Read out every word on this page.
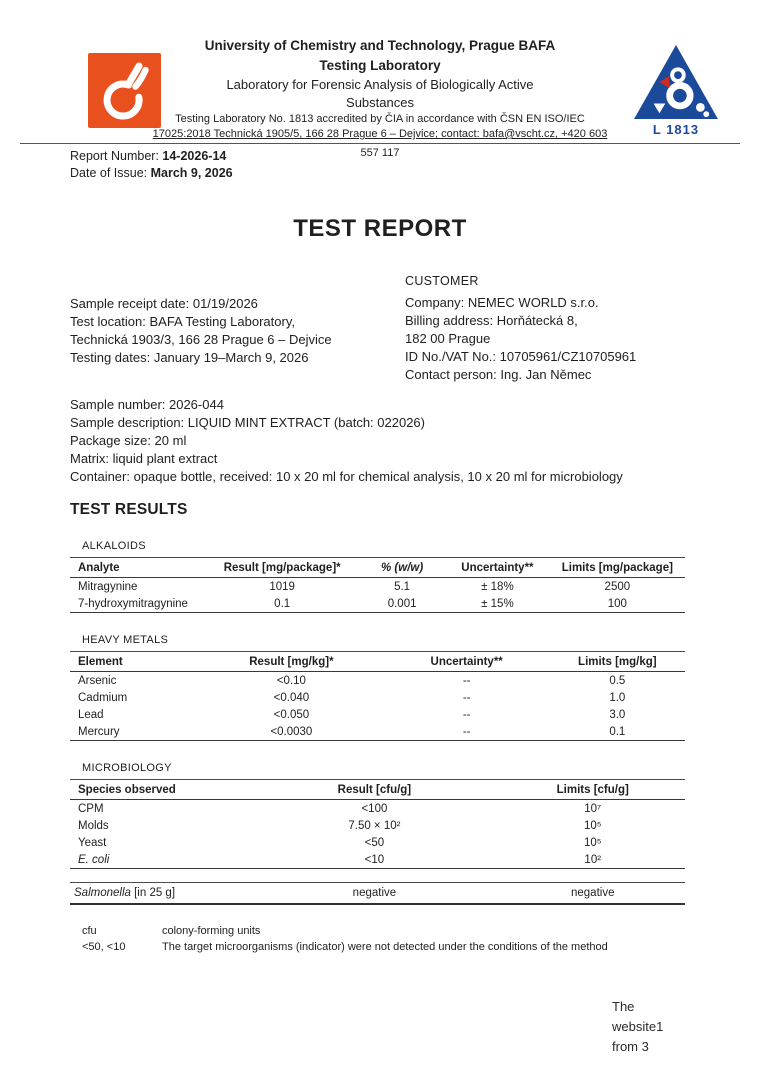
University of Chemistry and Technology, Prague BAFA
Testing Laboratory
Laboratory for Forensic Analysis of Biologically Active
Substances
Testing Laboratory No. 1813 accredited by ČIA in accordance with ČSN EN ISO/IEC
17025:2018 Technická 1905/5, 166 28 Prague 6 – Dejvice; contact: bafa@vscht.cz, +420 603	L 1813
557 117
Report Number: 14-2026-14
Date of Issue: March 9, 2026
TEST REPORT
Sample receipt date: 01/19/2026
Test location: BAFA Testing Laboratory,
Technická 1903/3, 166 28 Prague 6 – Dejvice
Testing dates: January 19–March 9, 2026
CUSTOMER
Company: NEMEC WORLD s.r.o.
Billing address: Horňátecká 8,
182 00 Prague
ID No./VAT No.: 10705961/CZ10705961
Contact person: Ing. Jan Němec
Sample number: 2026-044
Sample description: LIQUID MINT EXTRACT (batch: 022026)
Package size: 20 ml
Matrix: liquid plant extract
Container: opaque bottle, received: 10 x 20 ml for chemical analysis, 10 x 20 ml for microbiology
TEST RESULTS
ALKALOIDS
Analyte	Result [mg/package]*	% (w/w)	Uncertainty**	Limits [mg/package]
Mitragynine	1019	5.1	± 18%	2500
7-hydroxymitragynine	0.1	0.001	± 15%	100
HEAVY METALS
Element	Result [mg/kg]*	Uncertainty**	Limits [mg/kg]
Arsenic	<0.10	--	0.5
Cadmium	<0.040	--	1.0
Lead	<0.050	--	3.0
Mercury	<0.0030	--	0.1
MICROBIOLOGY
Species observed	Result [cfu/g]	Limits [cfu/g]
CPM	<100	10⁷
Molds	7.50 × 10²	10⁵
Yeast	<50	10⁵
E. coli	<10	10²
Salmonella [in 25 g]	negative	negative
cfu	colony-forming units
<50, <10	The target microorganisms (indicator) were not detected under the conditions of the method
The
website1
from 3
